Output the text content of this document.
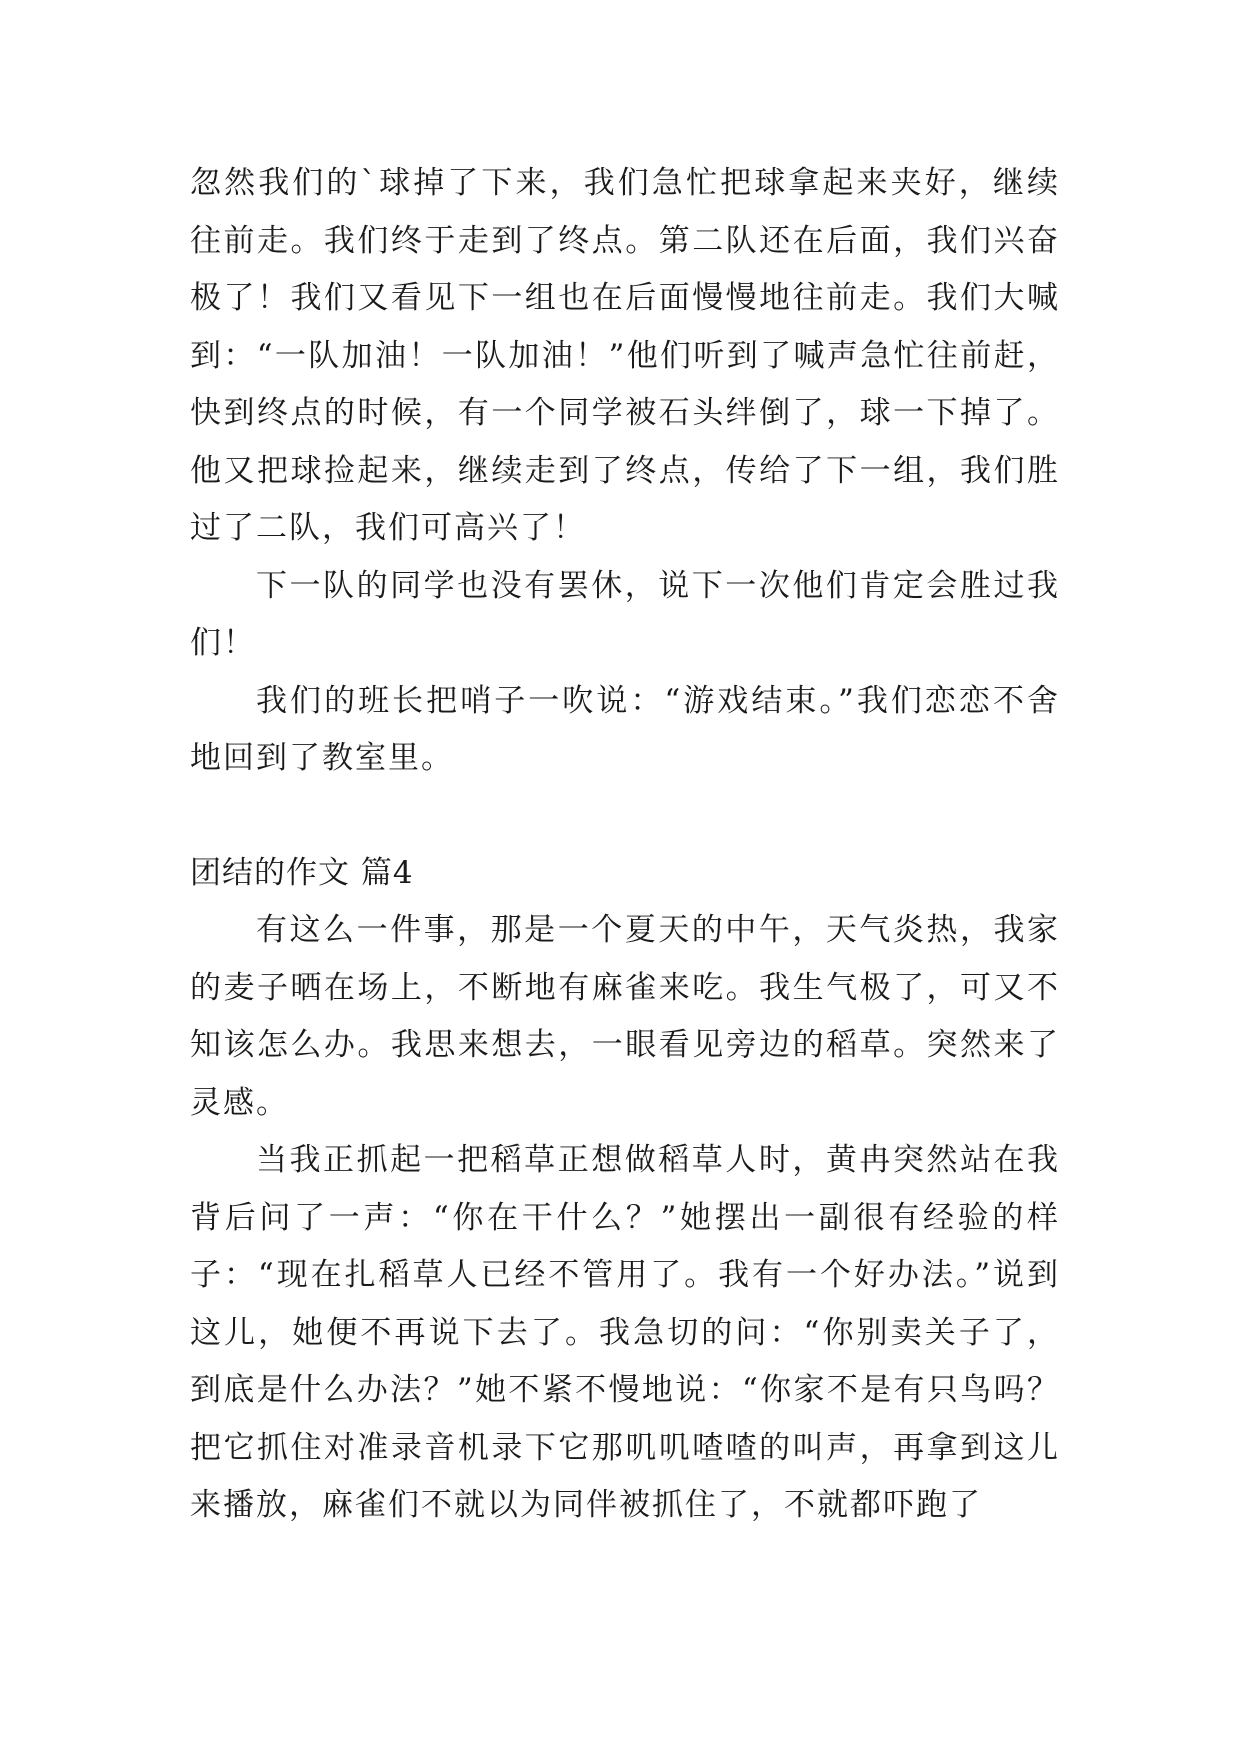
忽然我们的`球掉了下来，我们急忙把球拿起来夹好，继续往前走。我们终于走到了终点。第二队还在后面，我们兴奋极了！我们又看见下一组也在后面慢慢地往前走。我们大喊到：“一队加油！一队加油！”他们听到了喊声急忙往前赶，快到终点的时候，有一个同学被石头绊倒了，球一下掉了。他又把球捡起来，继续走到了终点，传给了下一组，我们胜过了二队，我们可高兴了！

下一队的同学也没有罢休，说下一次他们肯定会胜过我们！

我们的班长把哨子一吹说：“游戏结束。”我们恋恋不舍地回到了教室里。

团结的作文 篇4

有这么一件事，那是一个夏天的中午，天气炎热，我家的麦子晒在场上，不断地有麻雀来吃。我生气极了，可又不知该怎么办。我思来想去，一眼看见旁边的稻草。突然来了灵感。

当我正抓起一把稻草正想做稻草人时，黄冉突然站在我背后问了一声：“你在干什么？”她摆出一副很有经验的样子：“现在扎稻草人已经不管用了。我有一个好办法。”说到这儿，她便不再说下去了。我急切的问：“你别卖关子了，到底是什么办法？”她不紧不慢地说：“你家不是有只鸟吗？把它抓住对准录音机录下它那叽叽喳喳的叫声，再拿到这儿来播放，麻雀们不就以为同伴被抓住了，不就都吓跑了
